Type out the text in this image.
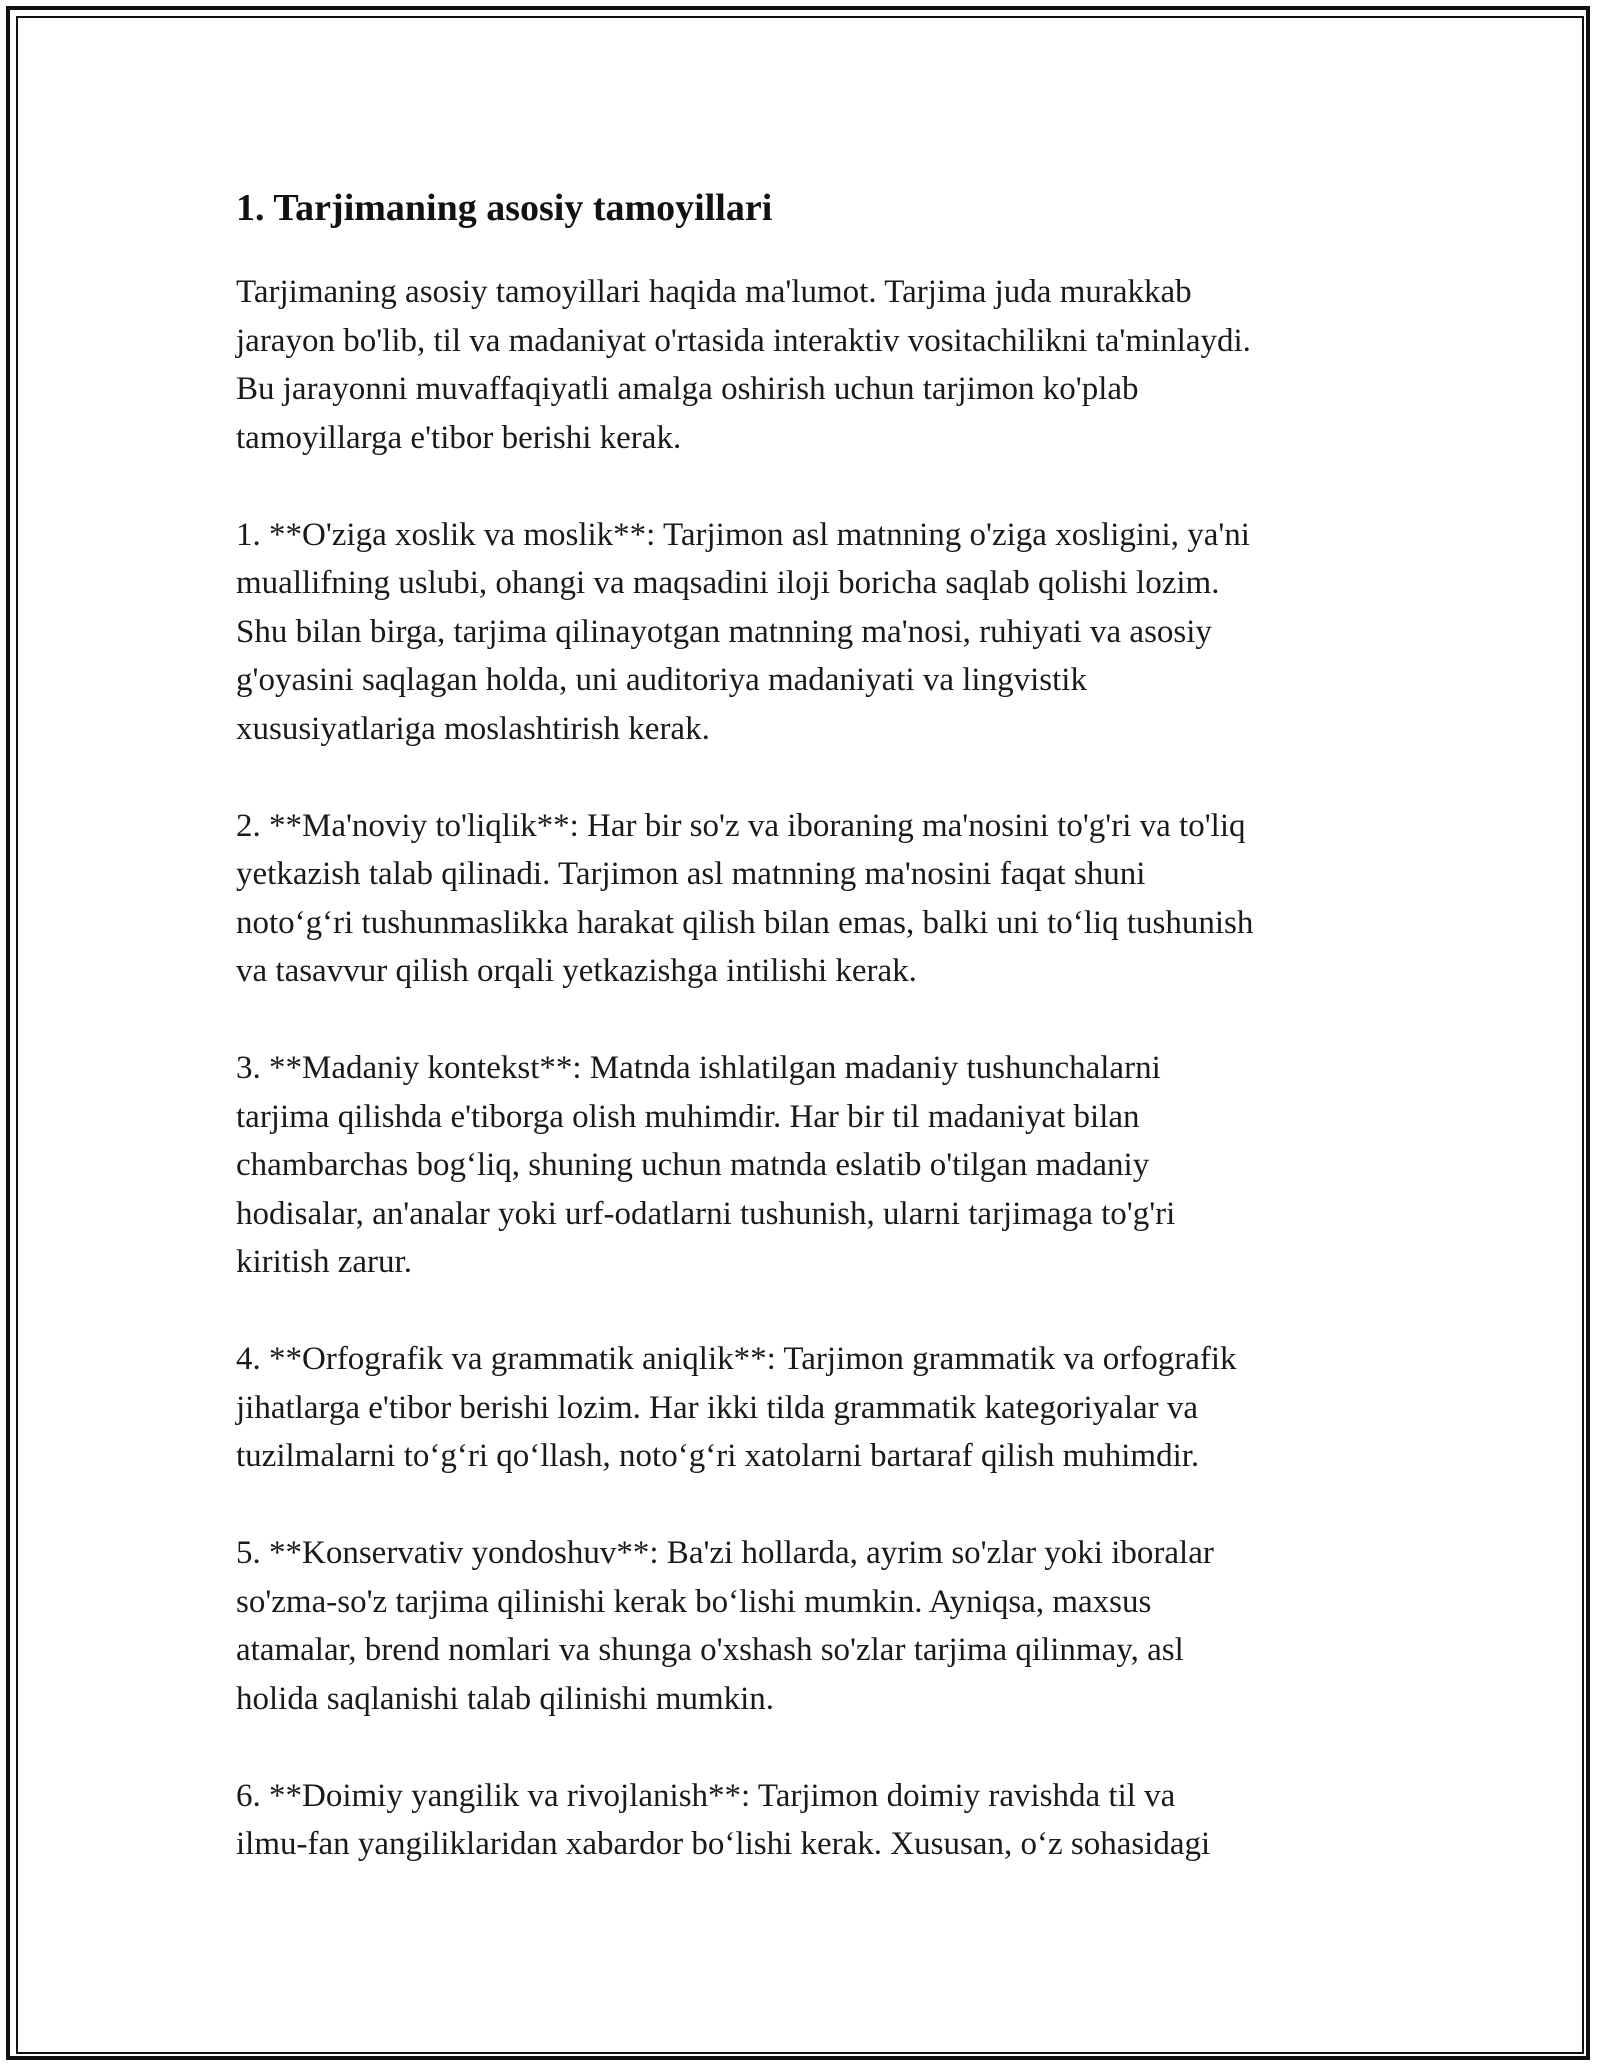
1. Tarjimaning asosiy tamoyillari
Tarjimaning asosiy tamoyillari haqida ma'lumot. Tarjima juda murakkab
jarayon bo'lib, til va madaniyat o'rtasida interaktiv vositachilikni ta'minlaydi.
Bu jarayonni muvaffaqiyatli amalga oshirish uchun tarjimon ko'plab
tamoyillarga e'tibor berishi kerak.
1. **O'ziga xoslik va moslik**: Tarjimon asl matnning o'ziga xosligini, ya'ni
muallifning uslubi, ohangi va maqsadini iloji boricha saqlab qolishi lozim.
Shu bilan birga, tarjima qilinayotgan matnning ma'nosi, ruhiyati va asosiy
g'oyasini saqlagan holda, uni auditoriya madaniyati va lingvistik
xususiyatlariga moslashtirish kerak.
2. **Ma'noviy to'liqlik**: Har bir so'z va iboraning ma'nosini to'g'ri va to'liq
yetkazish talab qilinadi. Tarjimon asl matnning ma'nosini faqat shuni
noto‘g‘ri tushunmaslikka harakat qilish bilan emas, balki uni to‘liq tushunish
va tasavvur qilish orqali yetkazishga intilishi kerak.
3. **Madaniy kontekst**: Matnda ishlatilgan madaniy tushunchalarni
tarjima qilishda e'tiborga olish muhimdir. Har bir til madaniyat bilan
chambarchas bog‘liq, shuning uchun matnda eslatib o'tilgan madaniy
hodisalar, an'analar yoki urf-odatlarni tushunish, ularni tarjimaga to'g'ri
kiritish zarur.
4. **Orfografik va grammatik aniqlik**: Tarjimon grammatik va orfografik
jihatlarga e'tibor berishi lozim. Har ikki tilda grammatik kategoriyalar va
tuzilmalarni to‘g‘ri qo‘llash, noto‘g‘ri xatolarni bartaraf qilish muhimdir.
5. **Konservativ yondoshuv**: Ba'zi hollarda, ayrim so'zlar yoki iboralar
so'zma-so'z tarjima qilinishi kerak bo‘lishi mumkin. Ayniqsa, maxsus
atamalar, brend nomlari va shunga o'xshash so'zlar tarjima qilinmay, asl
holida saqlanishi talab qilinishi mumkin.
6. **Doimiy yangilik va rivojlanish**: Tarjimon doimiy ravishda til va
ilmu-fan yangiliklaridan xabardor bo‘lishi kerak. Xususan, o‘z sohasidagi
